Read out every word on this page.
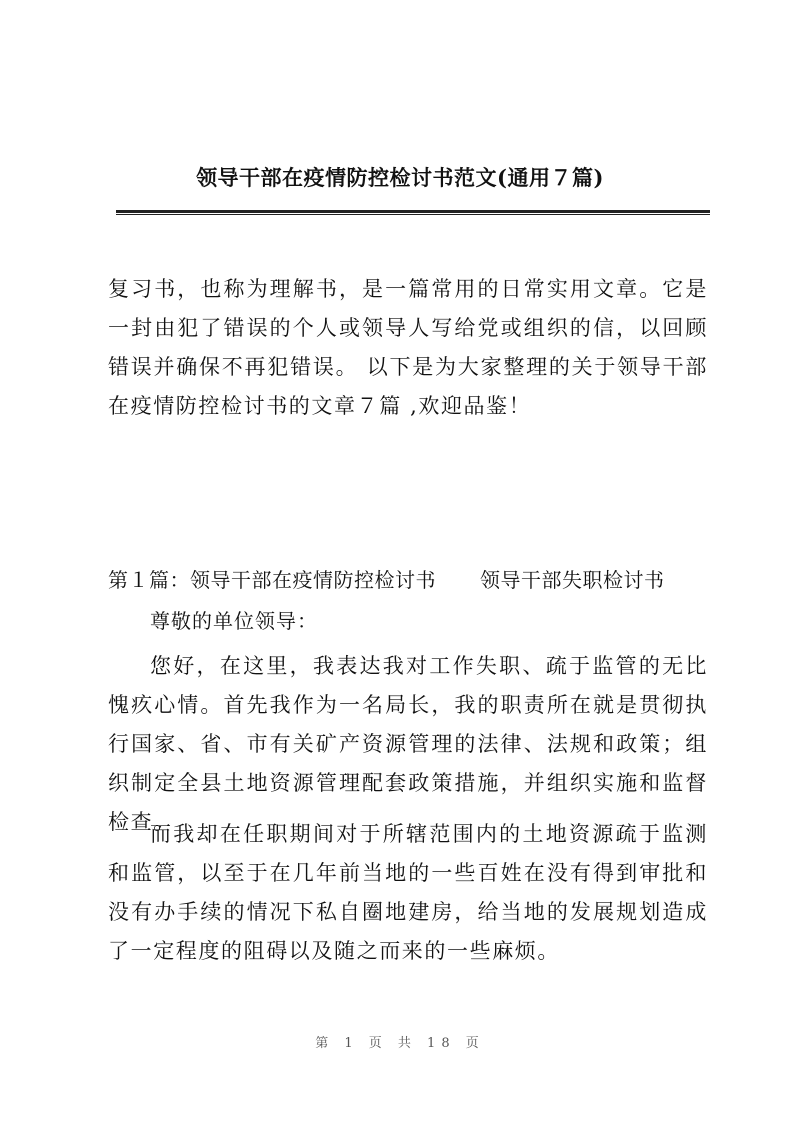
领导干部在疫情防控检讨书范文(通用７篇)

复习书，也称为理解书，是一篇常用的日常实用文章。它是一封由犯了错误的个人或领导人写给党或组织的信，以回顾错误并确保不再犯错误。 以下是为大家整理的关于领导干部在疫情防控检讨书的文章７篇 ,欢迎品鉴！

第１篇：领导干部在疫情防控检讨书 领导干部失职检讨书
尊敬的单位领导：

您好，在这里，我表达我对工作失职、疏于监管的无比愧疚心情。首先我作为一名局长，我的职责所在就是贯彻执行国家、省、市有关矿产资源管理的法律、法规和政策；组织制定全县土地资源管理配套政策措施，并组织实施和监督检查。

而我却在任职期间对于所辖范围内的土地资源疏于监测和监管，以至于在几年前当地的一些百姓在没有得到审批和没有办手续的情况下私自圈地建房，给当地的发展规划造成了一定程度的阻碍以及随之而来的一些麻烦。

第 1 页 共 18 页
